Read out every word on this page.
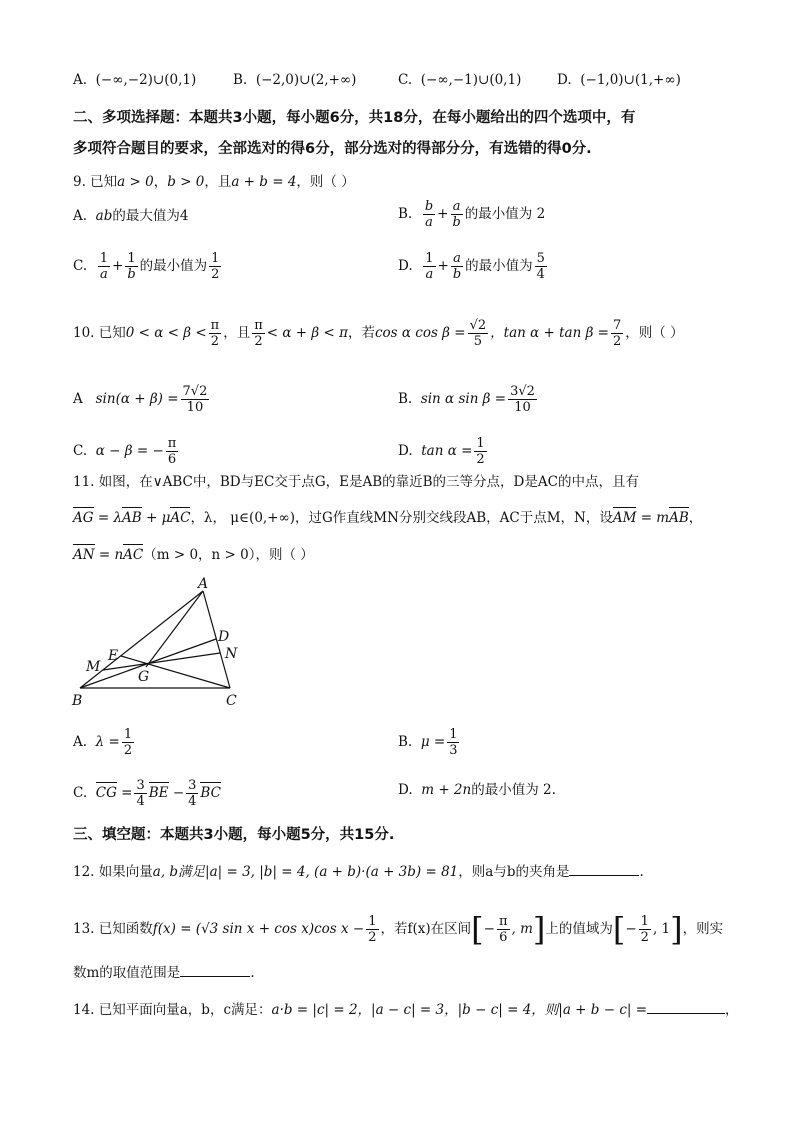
A. (−∞,−2)∪(0,1)	B. (−2,0)∪(2,+∞)	C. (−∞,−1)∪(0,1)	D. (−1,0)∪(1,+∞)
二、多项选择题：本题共3小题，每小题6分，共18分，在每小题给出的四个选项中，有
多项符合题目的要求，全部选对的得6分，部分选对的得部分分，有选错的得0分.
9. 已知a > 0，b > 0，且a + b = 4，则（ ）
A. ab的最大值为4	B. $\frac{b}{a} + \frac{a}{b}$ 的最小值为 2
C. $\frac{1}{a} + \frac{1}{b}$ 的最小值为 $\frac{1}{2}$	D. $\frac{1}{a} + \frac{a}{b}$ 的最小值为 $\frac{5}{4}$
10. 已知$0 < \alpha < \beta < \frac{\pi}{2}$ ，且 $\frac{\pi}{2} < \alpha + \beta < \pi$，若cos α $\cos \beta = \frac{√2}{5}$ ，$\tan \alpha + \tan \beta = \frac{7}{2}$ ，则（ ）
A $\sin(\alpha + \beta) = \frac{7√2}{10}$	B. sin α $\sin \beta = \frac{3√2}{10}$
C. α − β = − $\frac{\pi}{6}$	D. $\tan \alpha = \frac{1}{2}$
11. 如图，在∨ABC中，BD与EC交于点G，E是AB的靠近B的三等分点，D是AC的中点，且有
AG = λAB + μAC，λ， μ∈(0,+∞)，过G作直线MN分别交线段AB，AC于点M，N，设AM = mAB，
AN = nAC（m > 0，n > 0），则（ ）
A
B	C
D
E
G
M
N
A. $\lambda = \frac{1}{2}$	B. $\mu = \frac{1}{3}$
C. CG = $\frac{3}{4}$ BE − $\frac{3}{4}$ BC	D. m + 2n的最小值为 2.
三、填空题：本题共3小题，每小题5分，共15分.
12. 如果向量a, b满足|a| = 3, |b| = 4, (a + b)·(a + 3b) = 81，则a与b的夹角是	.
13. 已知函数f(x) = (√3 sin x + cos x)cos $x - \frac{1}{2}$ ，若f(x)在区间[− $\frac{\pi}{6}$ , m]上的值域为[− $\frac{1}{2}$ , 1]，则实
数m的取值范围是	.
14. 已知平面向量a，b，c满足：a·b = |c| = 2，|a − c| = 3，|b − c| = 4，则|a + b − c| =	，
